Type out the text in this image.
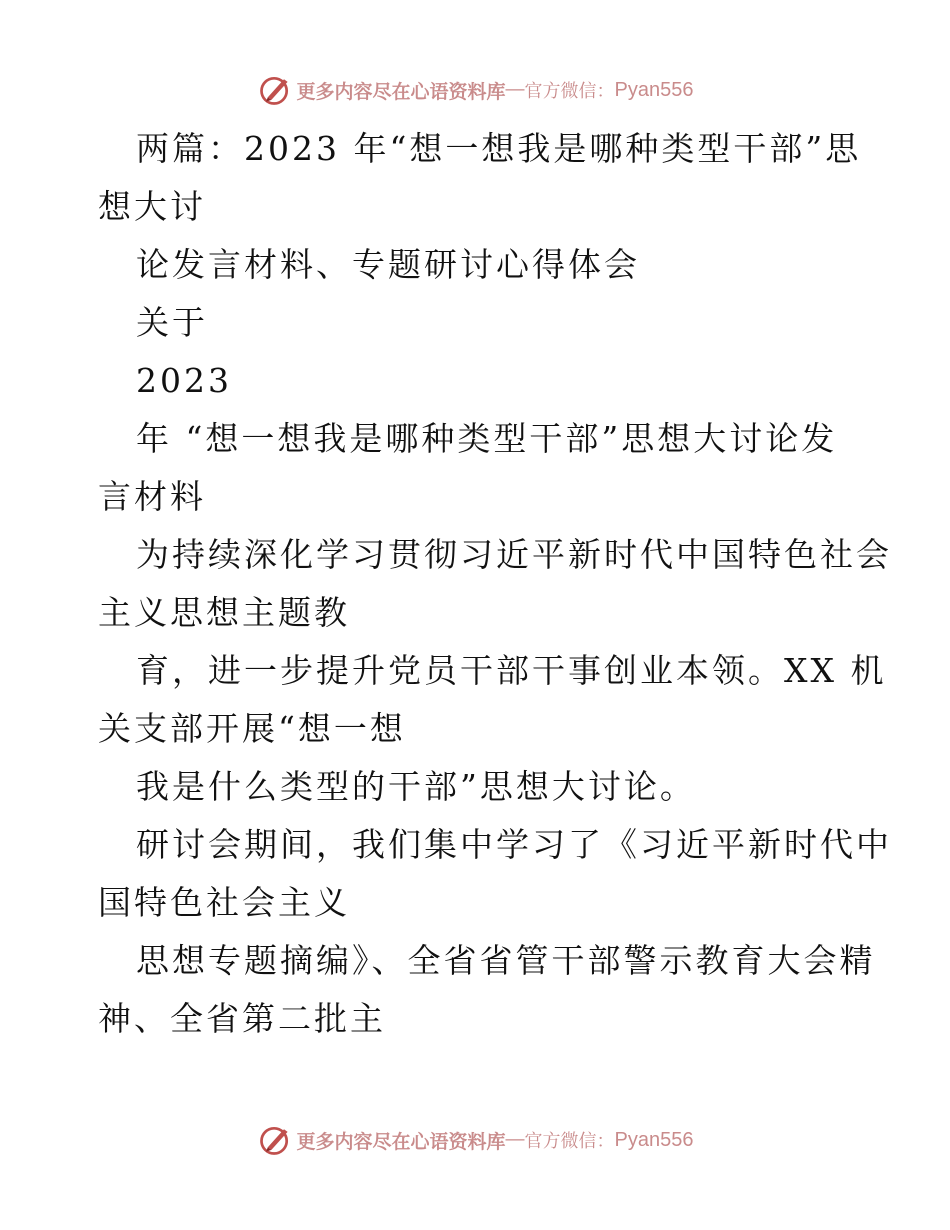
更多内容尽在心语资料库 — 官方微信： Pyan556
两篇：2023 年“想一想我是哪种类型干部”思
想大讨
论发言材料、专题研讨心得体会
关于
2023
年 “想一想我是哪种类型干部”思想大讨论发
言材料
为持续深化学习贯彻习近平新时代中国特色社会
主义思想主题教
育，进一步提升党员干部干事创业本领。XX 机
关支部开展“想一想
我是什么类型的干部”思想大讨论。
研讨会期间，我们集中学习了《习近平新时代中
国特色社会主义
思想专题摘编》、全省省管干部警示教育大会精
神、全省第二批主
更多内容尽在心语资料库 — 官方微信： Pyan556
